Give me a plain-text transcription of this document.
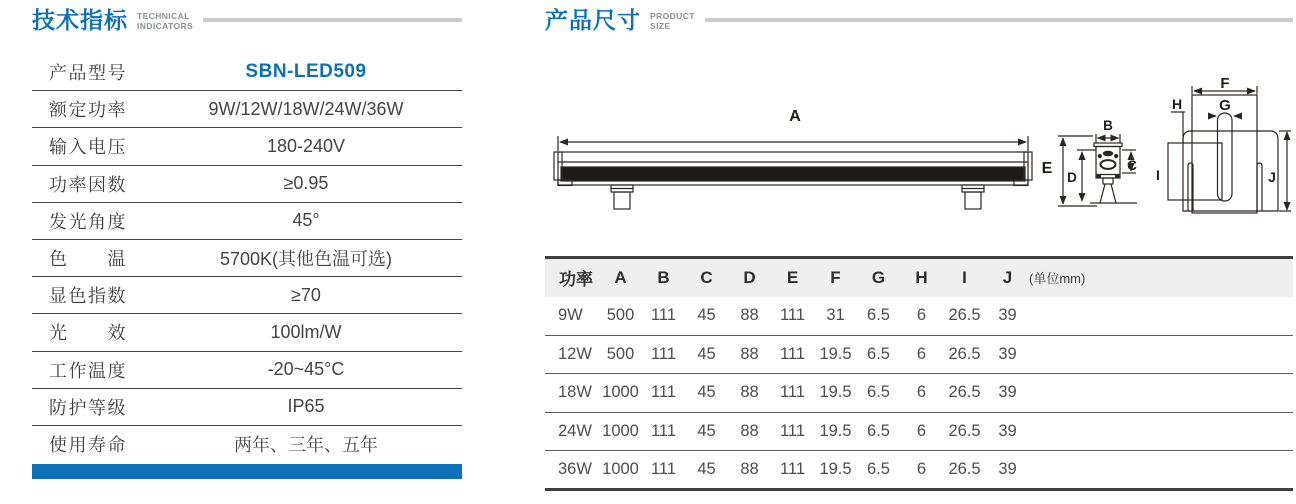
技术指标 TECHNICAL
INDICATORS
产品型号	SBN-LED509
额定功率	9W/12W/18W/24W/36W
输入电压	180-240V
功率因数	≥0.95
发光角度	45°
色　　温	5700K(其他色温可选)
显色指数	≥70
光　　效	100lm/W
工作温度	-20~45°C
防护等级	IP65
使用寿命	两年、三年、五年
产品尺寸 PRODUCT
SIZE
A
B
E
D
C
F
G
H
I	J
功率	A	B	C	D	E	F	G	H	I	J	(单位mm)
9W	500	111	45	88	111	31	6.5	6	26.5	39	
12W	500	111	45	88	111	19.5	6.5	6	26.5	39	
18W	1000	111	45	88	111	19.5	6.5	6	26.5	39	
24W	1000	111	45	88	111	19.5	6.5	6	26.5	39	
36W	1000	111	45	88	111	19.5	6.5	6	26.5	39	
